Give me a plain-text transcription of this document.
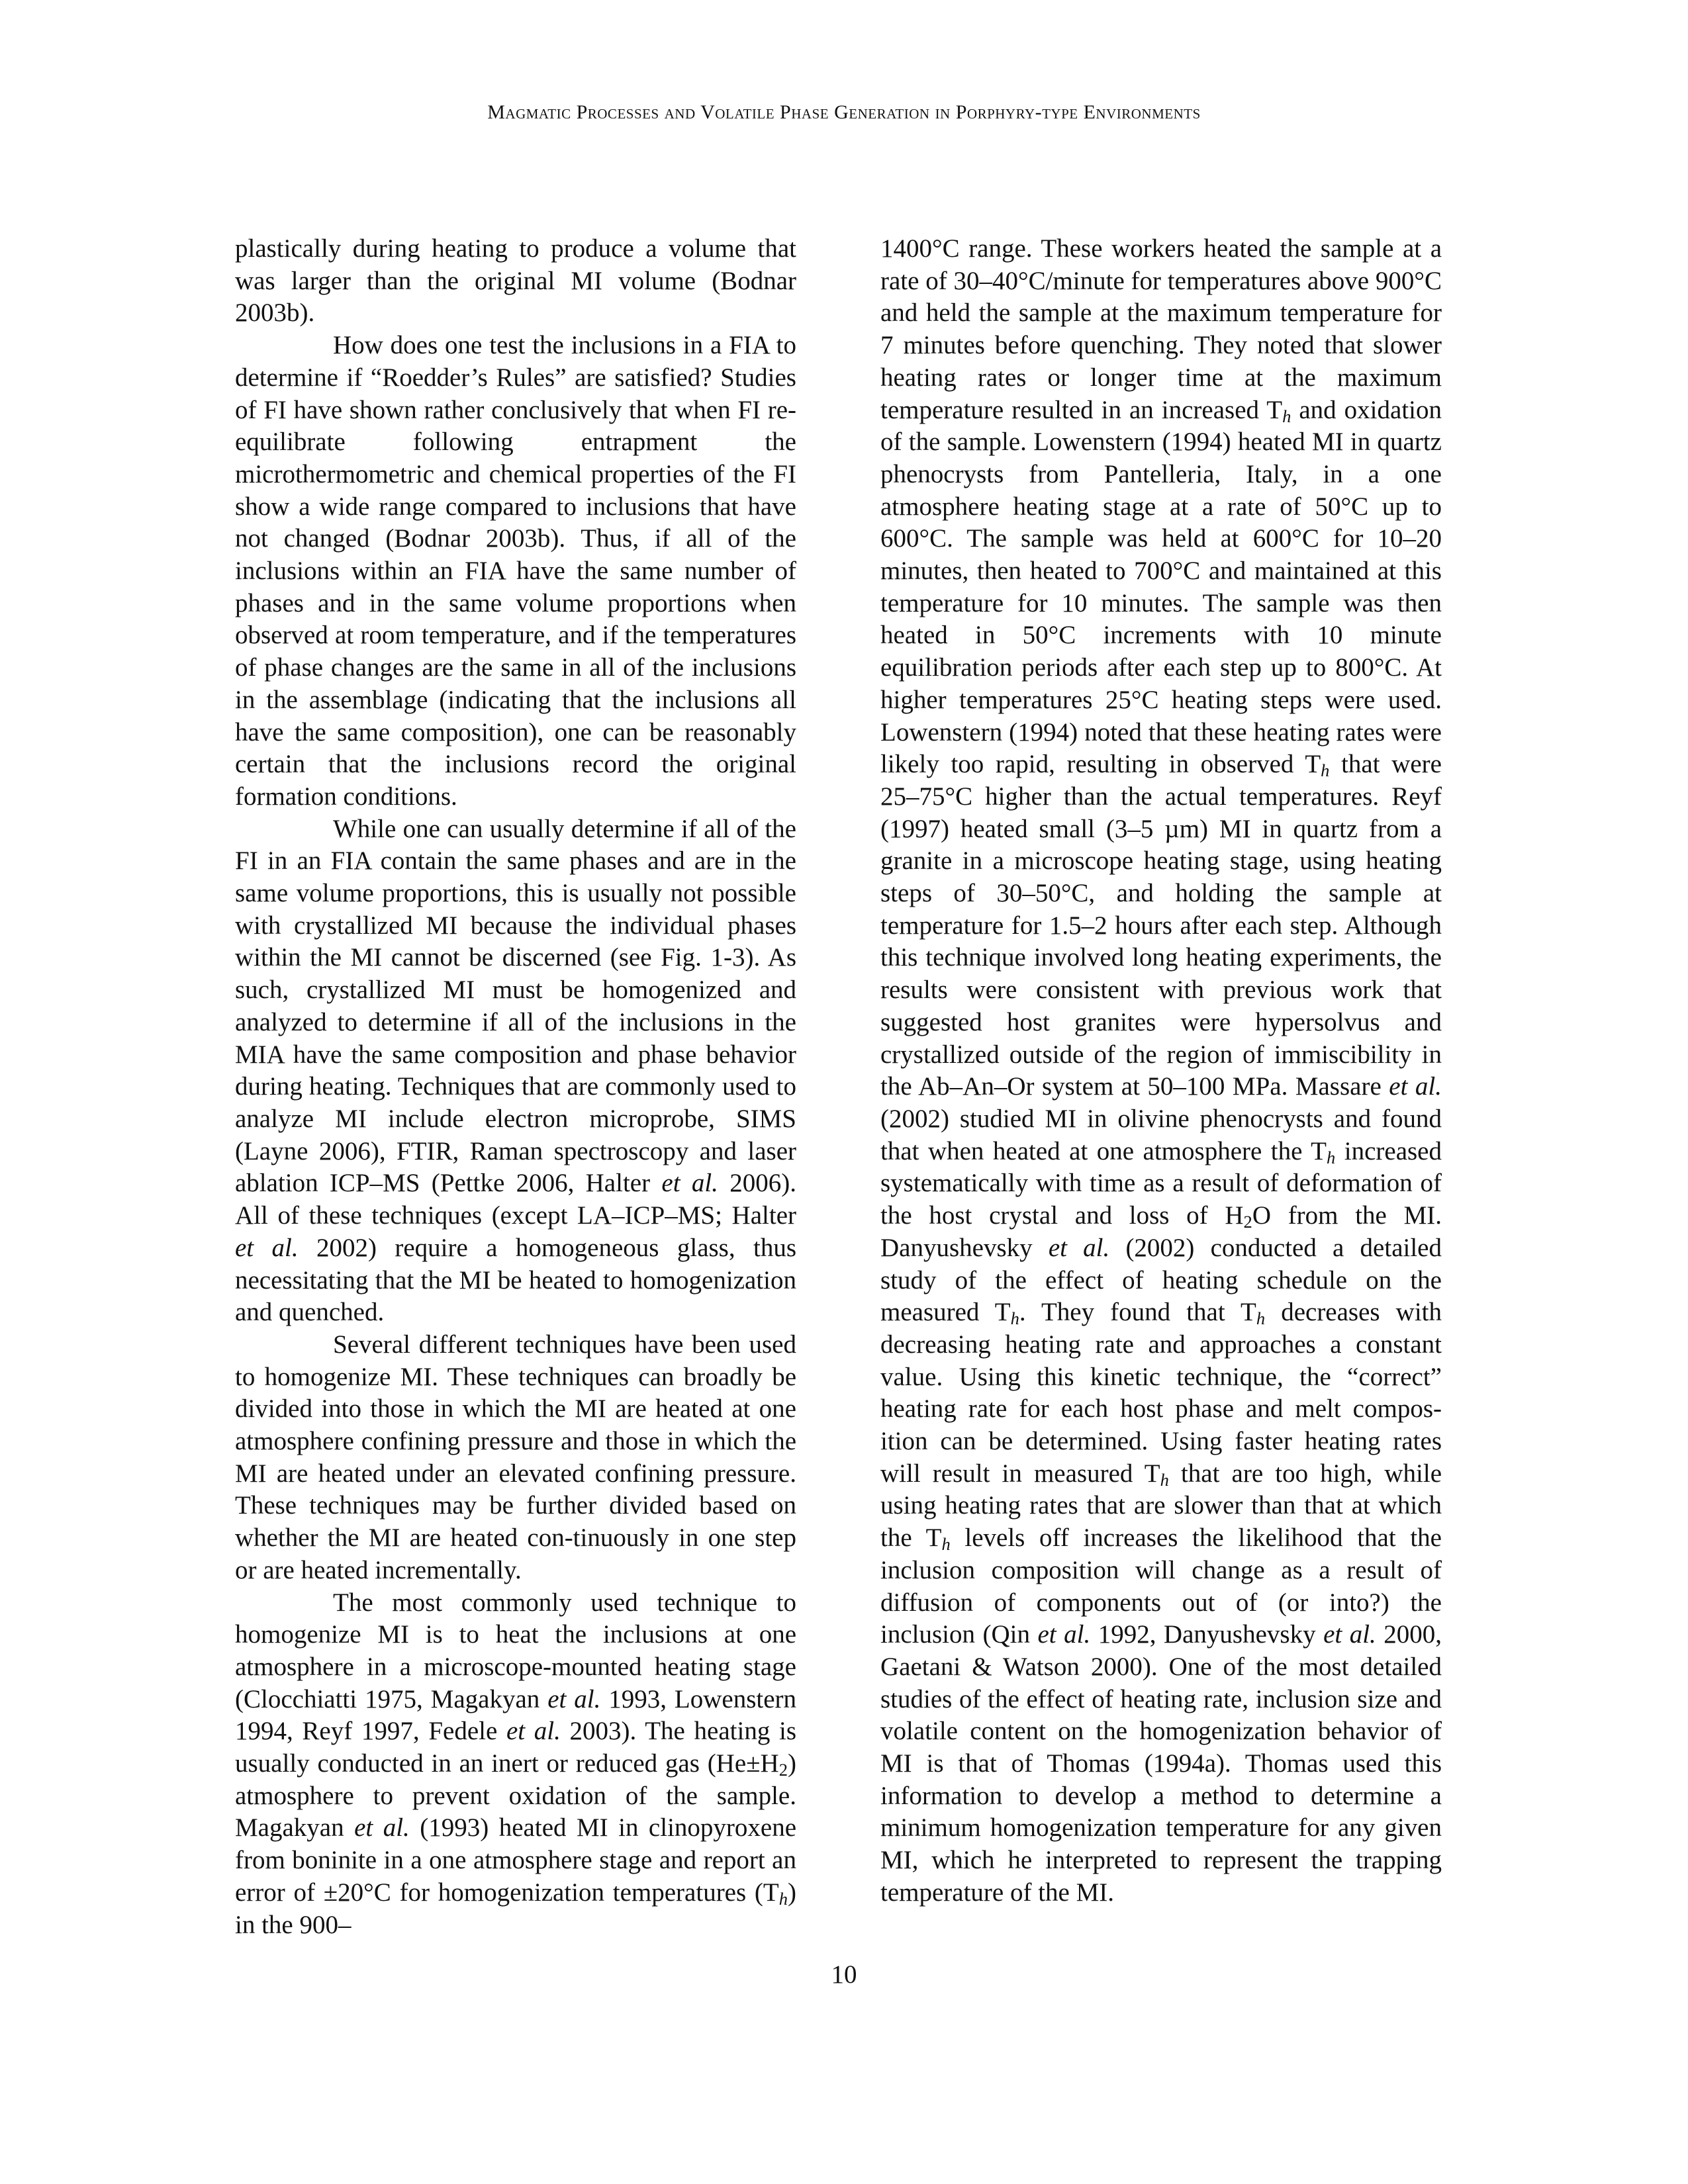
Magmatic Processes and Volatile Phase Generation in Porphyry-type Environments

plastically during heating to produce a volume that was larger than the original MI volume (Bodnar 2003b).

How does one test the inclusions in a FIA to determine if “Roedder’s Rules” are satisfied? Studies of FI have shown rather conclusively that when FI re-equilibrate following entrapment the microthermometric and chemical properties of the FI show a wide range compared to inclusions that have not changed (Bodnar 2003b). Thus, if all of the inclusions within an FIA have the same number of phases and in the same volume proportions when observed at room temperature, and if the temperatures of phase changes are the same in all of the inclusions in the assemblage (indicating that the inclusions all have the same composition), one can be reasonably certain that the inclusions record the original formation conditions.

While one can usually determine if all of the FI in an FIA contain the same phases and are in the same volume proportions, this is usually not possible with crystallized MI because the individual phases within the MI cannot be discerned (see Fig. 1-3). As such, crystallized MI must be homogenized and analyzed to determine if all of the inclusions in the MIA have the same composition and phase behavior during heating. Techniques that are commonly used to analyze MI include electron microprobe, SIMS (Layne 2006), FTIR, Raman spectroscopy and laser ablation ICP–MS (Pettke 2006, Halter et al. 2006). All of these techniques (except LA–ICP–MS; Halter et al. 2002) require a homogeneous glass, thus necessitating that the MI be heated to homogenization and quenched.

Several different techniques have been used to homogenize MI. These techniques can broadly be divided into those in which the MI are heated at one atmosphere confining pressure and those in which the MI are heated under an elevated confining pressure. These techniques may be further divided based on whether the MI are heated con-tinuously in one step or are heated incrementally.

The most commonly used technique to homogenize MI is to heat the inclusions at one atmosphere in a microscope-mounted heating stage (Clocchiatti 1975, Magakyan et al. 1993, Lowenstern 1994, Reyf 1997, Fedele et al. 2003). The heating is usually conducted in an inert or reduced gas $(He\pm H_2)$ atmosphere to prevent oxidation of the sample. Magakyan et al. (1993) heated MI in clinopyroxene from boninite in a one atmosphere stage and report an error of ±20°C for homogenization temperatures $(T_h)$ in the 900–

1400°C range. These workers heated the sample at a rate of 30–40°C/minute for temperatures above 900°C and held the sample at the maximum temperature for 7 minutes before quenching. They noted that slower heating rates or longer time at the maximum temperature resulted in an increased $T_h$ and oxidation of the sample. Lowenstern (1994) heated MI in quartz phenocrysts from Pantelleria, Italy, in a one atmosphere heating stage at a rate of 50°C up to 600°C. The sample was held at 600°C for 10–20 minutes, then heated to 700°C and maintained at this temperature for 10 minutes. The sample was then heated in 50°C increments with 10 minute equilibration periods after each step up to 800°C. At higher temperatures 25°C heating steps were used. Lowenstern (1994) noted that these heating rates were likely too rapid, resulting in observed $T_h$ that were 25–75°C higher than the actual temperatures. Reyf (1997) heated small (3–5 µm) MI in quartz from a granite in a microscope heating stage, using heating steps of 30–50°C, and holding the sample at temperature for 1.5–2 hours after each step. Although this technique involved long heating experiments, the results were consistent with previous work that suggested host granites were hypersolvus and crystallized outside of the region of immiscibility in the Ab–An–Or system at 50–100 MPa. Massare et al. (2002) studied MI in olivine phenocrysts and found that when heated at one atmosphere the $T_h$ increased systematically with time as a result of deformation of the host crystal and loss of $H_2O$ from the MI. Danyushevsky et al. (2002) conducted a detailed study of the effect of heating schedule on the measured $T_h$. They found that $T_h$ decreases with decreasing heating rate and approaches a constant value. Using this kinetic technique, the “correct” heating rate for each host phase and melt compos-ition can be determined. Using faster heating rates will result in measured $T_h$ that are too high, while using heating rates that are slower than that at which the $T_h$ levels off increases the likelihood that the inclusion composition will change as a result of diffusion of components out of (or into?) the inclusion (Qin et al. 1992, Danyushevsky et al. 2000, Gaetani & Watson 2000). One of the most detailed studies of the effect of heating rate, inclusion size and volatile content on the homogenization behavior of MI is that of Thomas (1994a). Thomas used this information to develop a method to determine a minimum homogenization temperature for any given MI, which he interpreted to represent the trapping temperature of the MI.

10
